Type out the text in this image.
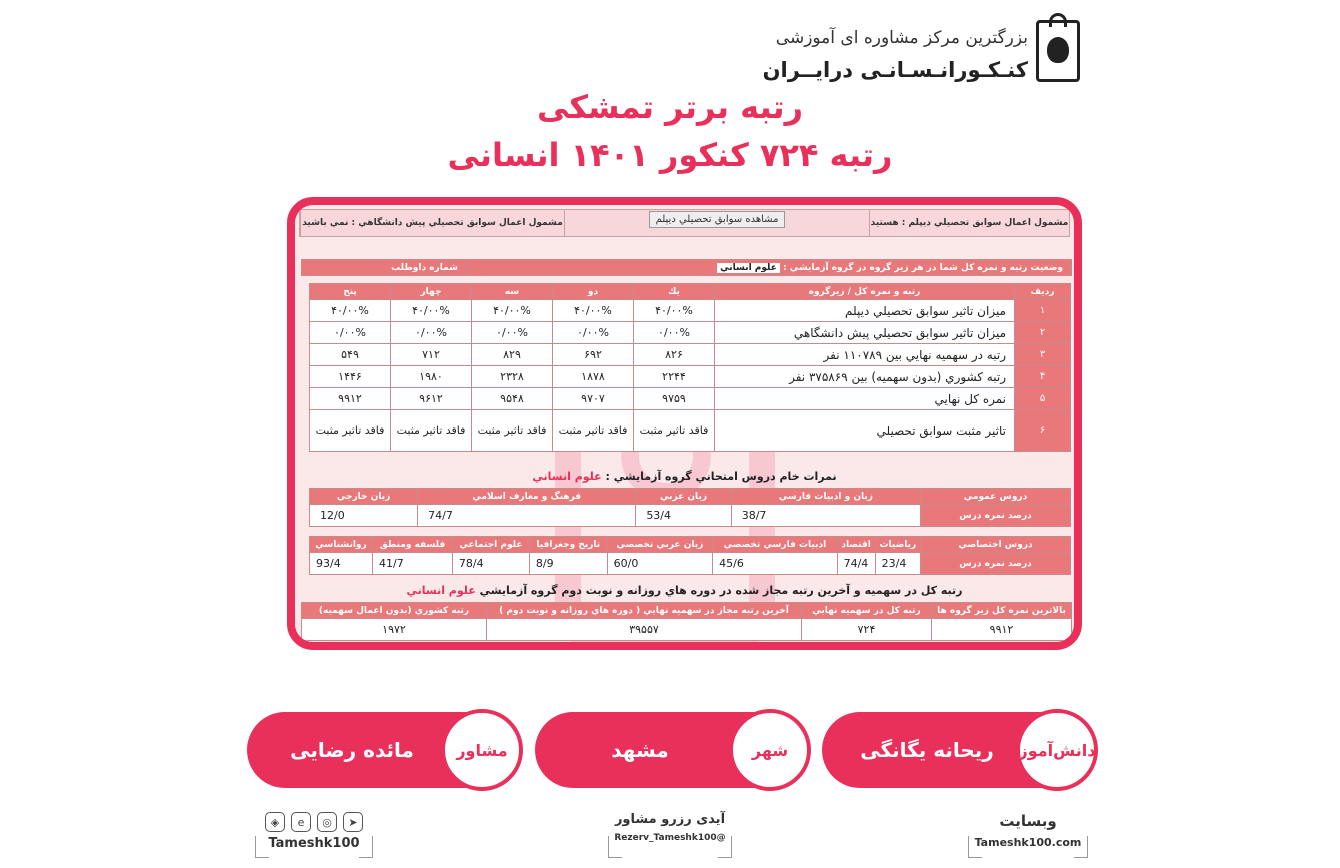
بزرگترین مرکز مشاوره ای آموزشی
کنـکـورانـسـانـی درایــران
رتبه برتر تمشکی
رتبه ۷۲۴ کنکور ۱۴۰۱ انسانی
مشمول اعمال سوابق تحصيلي ديپلم : هستيد
مشاهده سوابق تحصيلي ديپلم
مشمول اعمال سوابق تحصيلي پيش دانشگاهي : نمي باشيد
وضعيت رتبه و نمره كل شما در هر زير گروه در گروه آزمايشي : علوم انساني	شماره داوطلب
رديف	رتبه و نمره كل / زيرگروه	يك	دو	سه	چهار	پنج
۱	ميزان تاثير سوابق تحصيلي ديپلم	۴۰/۰۰%	۴۰/۰۰%	۴۰/۰۰%	۴۰/۰۰%	۴۰/۰۰%
۲	ميزان تاثير سوابق تحصيلي پيش دانشگاهي	۰/۰۰%	۰/۰۰%	۰/۰۰%	۰/۰۰%	۰/۰۰%
۳	رتبه در سهميه نهايي بين ۱۱۰۷۸۹ نفر	۸۲۶	۶۹۲	۸۲۹	۷۱۲	۵۴۹
۴	رتبه كشوري (بدون سهميه) بين ۳۷۵۸۶۹ نفر	۲۲۴۴	۱۸۷۸	۲۳۲۸	۱۹۸۰	۱۴۴۶
۵	نمره كل نهايي	۹۷۵۹	۹۷۰۷	۹۵۴۸	۹۶۱۲	۹۹۱۲
۶	تاثير مثبت سوابق تحصيلي	فاقد تاثير مثبت	فاقد تاثير مثبت	فاقد تاثير مثبت	فاقد تاثير مثبت	فاقد تاثير مثبت
نمرات خام دروس امتحاني گروه آزمايشي : علوم انساني
دروس عمومي	زبان و ادبيات فارسي	زبان عربي	فرهنگ و معارف اسلامي	زبان خارجي
درصد نمره درس	38/7	53/4	74/7	12/0
دروس اختصاصي	رياضيات	اقتصاد	ادبيات فارسي تخصصي	زبان عربي تخصصي	تاريخ وجغرافيا	علوم اجتماعي	فلسفه ومنطق	روانشناسي
درصد نمره درس	23/4	74/4	45/6	60/0	8/9	78/4	41/7	93/4
رتبه كل در سهميه و آخرين رتبه مجاز شده در دوره هاي روزانه و نوبت دوم گروه آزمايشي علوم انساني
بالاترين نمره كل زير گروه ها	رتبه كل در سهميه نهايي	آخرين رتبه مجاز در سهميه نهايي ( دوره هاي روزانه و نوبت دوم )	رتبه كشوري (بدون اعمال سهميه)
۹۹۱۲	۷۲۴	۳۹۵۵۷	۱۹۷۲
دانش‌آموز
ریحانه یگانگی
شهر
مشهد
مشاور
مائده رضایی
وبسایت
Tameshk100.com
آیدی رزرو مشاور
@Rezerv_Tameshk100
◈	e	◎	➤
Tameshk100
